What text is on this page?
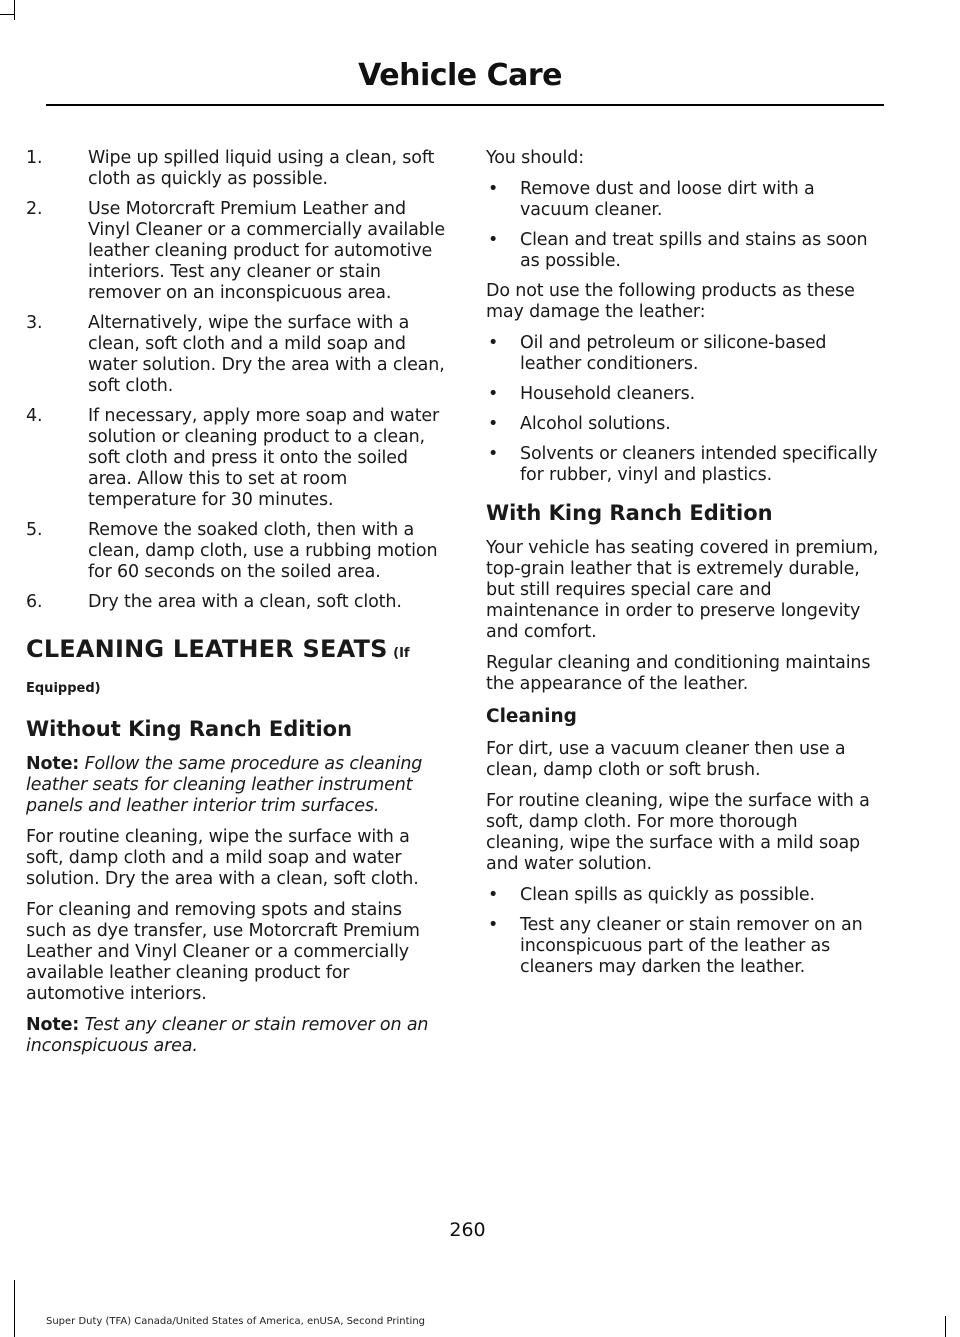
Vehicle Care
1.	Wipe up spilled liquid using a clean, soft cloth as quickly as possible.
2.	Use Motorcraft Premium Leather and Vinyl Cleaner or a commercially available leather cleaning product for automotive interiors. Test any cleaner or stain remover on an inconspicuous area.
3.	Alternatively, wipe the surface with a clean, soft cloth and a mild soap and water solution. Dry the area with a clean, soft cloth.
4.	If necessary, apply more soap and water solution or cleaning product to a clean, soft cloth and press it onto the soiled area. Allow this to set at room temperature for 30 minutes.
5.	Remove the soaked cloth, then with a clean, damp cloth, use a rubbing motion for 60 seconds on the soiled area.
6.	Dry the area with a clean, soft cloth.
CLEANING LEATHER SEATS (If
Equipped)
Without King Ranch Edition

Note: Follow the same procedure as cleaning leather seats for cleaning leather instrument panels and leather interior trim surfaces.

For routine cleaning, wipe the surface with a soft, damp cloth and a mild soap and water solution. Dry the area with a clean, soft cloth.

For cleaning and removing spots and stains such as dye transfer, use Motorcraft Premium Leather and Vinyl Cleaner or a commercially available leather cleaning product for automotive interiors.

Note: Test any cleaner or stain remover on an inconspicuous area.

You should:

• Remove dust and loose dirt with a vacuum cleaner.
• Clean and treat spills and stains as soon as possible.

Do not use the following products as these may damage the leather:

• Oil and petroleum or silicone-based leather conditioners.
• Household cleaners.
• Alcohol solutions.
• Solvents or cleaners intended specifically for rubber, vinyl and plastics.
With King Ranch Edition

Your vehicle has seating covered in premium, top-grain leather that is extremely durable, but still requires special care and maintenance in order to preserve longevity and comfort.

Regular cleaning and conditioning maintains the appearance of the leather.

Cleaning

For dirt, use a vacuum cleaner then use a clean, damp cloth or soft brush.

For routine cleaning, wipe the surface with a soft, damp cloth. For more thorough cleaning, wipe the surface with a mild soap and water solution.

• Clean spills as quickly as possible.
• Test any cleaner or stain remover on an inconspicuous part of the leather as cleaners may darken the leather.
260
Super Duty (TFA) Canada/United States of America, enUSA, Second Printing
